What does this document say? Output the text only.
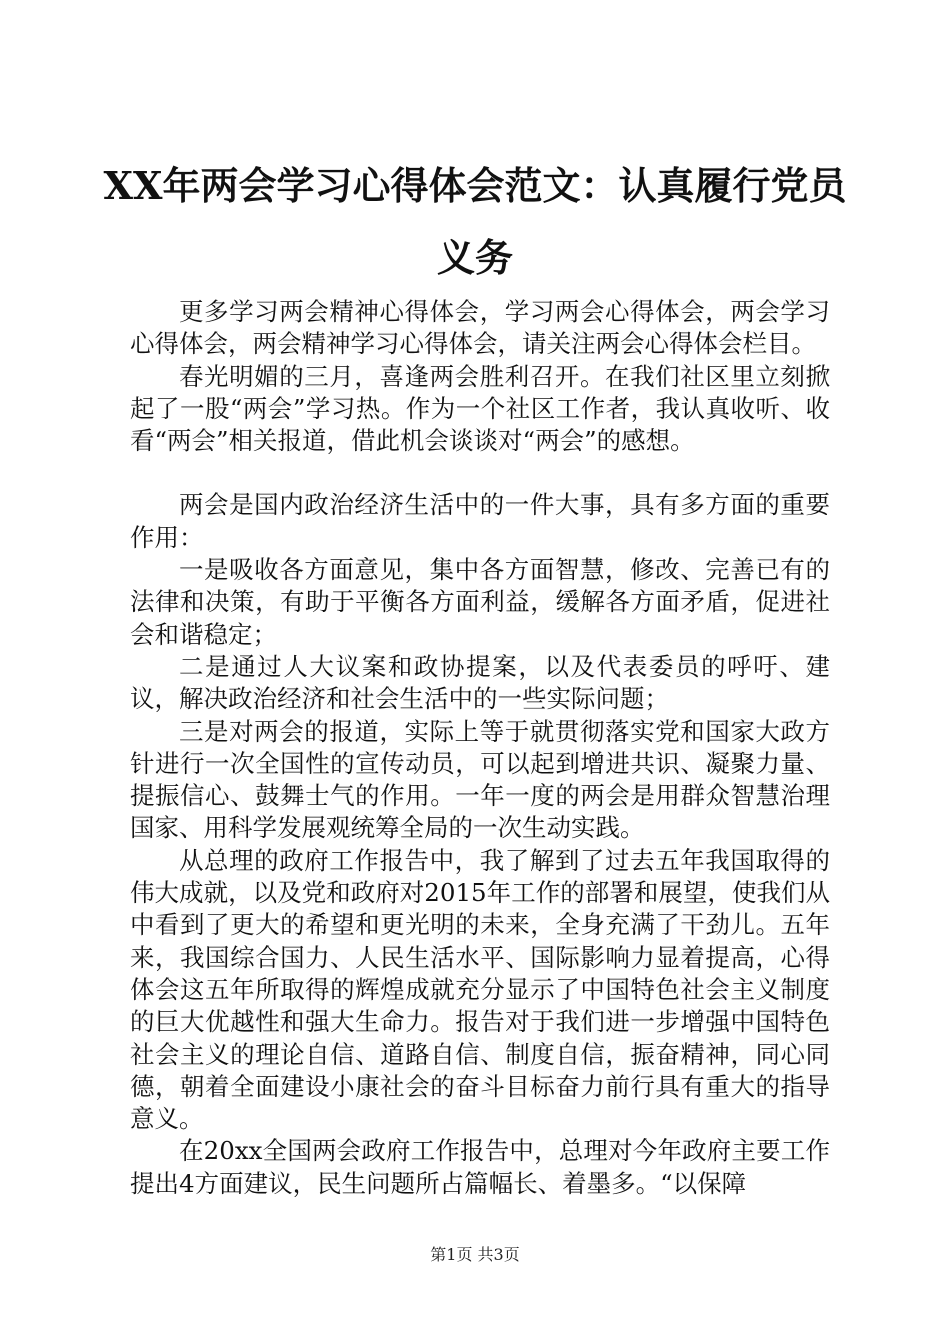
XX年两会学习心得体会范文：认真履行党员义务

更多学习两会精神心得体会，学习两会心得体会，两会学习心得体会，两会精神学习心得体会，请关注两会心得体会栏目。

春光明媚的三月，喜逢两会胜利召开。在我们社区里立刻掀起了一股“两会”学习热。作为一个社区工作者，我认真收听、收看“两会”相关报道，借此机会谈谈对“两会”的感想。

两会是国内政治经济生活中的一件大事，具有多方面的重要作用：

一是吸收各方面意见，集中各方面智慧，修改、完善已有的法律和决策，有助于平衡各方面利益，缓解各方面矛盾，促进社会和谐稳定；

二是通过人大议案和政协提案，以及代表委员的呼吁、建议，解决政治经济和社会生活中的一些实际问题；

三是对两会的报道，实际上等于就贯彻落实党和国家大政方针进行一次全国性的宣传动员，可以起到增进共识、凝聚力量、提振信心、鼓舞士气的作用。一年一度的两会是用群众智慧治理国家、用科学发展观统筹全局的一次生动实践。

从总理的政府工作报告中，我了解到了过去五年我国取得的伟大成就，以及党和政府对2015年工作的部署和展望，使我们从中看到了更大的希望和更光明的未来，全身充满了干劲儿。五年来，我国综合国力、人民生活水平、国际影响力显着提高，心得体会这五年所取得的辉煌成就充分显示了中国特色社会主义制度的巨大优越性和强大生命力。报告对于我们进一步增强中国特色社会主义的理论自信、道路自信、制度自信，振奋精神，同心同德，朝着全面建设小康社会的奋斗目标奋力前行具有重大的指导意义。

在20xx全国两会政府工作报告中，总理对今年政府主要工作提出4方面建议，民生问题所占篇幅长、着墨多。“以保障

第1页 共3页
